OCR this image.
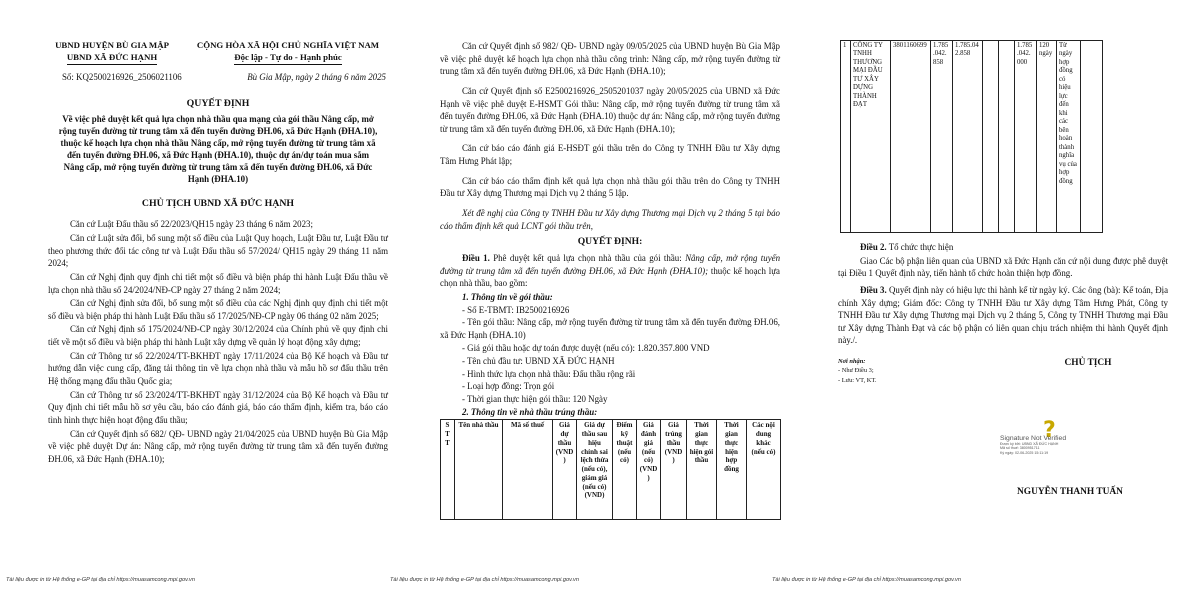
UBND HUYỆN BÙ GIA MẬP
UBND XÃ ĐỨC HẠNH
CỘNG HÒA XÃ HỘI CHỦ NGHĨA VIỆT NAM
Độc lập - Tự do - Hạnh phúc
Số: KQ2500216926_2506021106	Bù Gia Mập, ngày 2 tháng 6 năm 2025

QUYẾT ĐỊNH

Về việc phê duyệt kết quả lựa chọn nhà thầu qua mạng của gói thầu Nâng cấp, mở rộng tuyến đường từ trung tâm xã đến tuyến đường ĐH.06, xã Đức Hạnh (ĐHA.10), thuộc kế hoạch lựa chọn nhà thầu Nâng cấp, mở rộng tuyến đường từ trung tâm xã đến tuyến đường ĐH.06, xã Đức Hạnh (ĐHA.10), thuộc dự án/dự toán mua sắm Nâng cấp, mở rộng tuyến đường từ trung tâm xã đến tuyến đường ĐH.06, xã Đức Hạnh (ĐHA.10)

CHỦ TỊCH UBND XÃ ĐỨC HẠNH

Căn cứ Luật Đấu thầu số 22/2023/QH15 ngày 23 tháng 6 năm 2023;

Căn cứ Luật sửa đổi, bổ sung một số điều của Luật Quy hoạch, Luật Đầu tư, Luật Đầu tư theo phương thức đối tác công tư và Luật Đấu thầu số 57/2024/ QH15 ngày 29 tháng 11 năm 2024;

Căn cứ Nghị định quy định chi tiết một số điều và biện pháp thi hành Luật Đấu thầu về lựa chọn nhà thầu số 24/2024/NĐ-CP ngày 27 tháng 2 năm 2024;

Căn cứ Nghị định sửa đổi, bổ sung một số điều của các Nghị định quy định chi tiết một số điều và biện pháp thi hành Luật Đấu thầu số 17/2025/NĐ-CP ngày 06 tháng 02 năm 2025;

Căn cứ Nghị định số 175/2024/NĐ-CP ngày 30/12/2024 của Chính phủ về quy định chi tiết về một số điều và biện pháp thi hành Luật xây dựng về quản lý hoạt động xây dựng;

Căn cứ Thông tư số 22/2024/TT-BKHĐT ngày 17/11/2024 của Bộ Kế hoạch và Đầu tư hướng dẫn việc cung cấp, đăng tải thông tin về lựa chọn nhà thầu và mẫu hồ sơ đấu thầu trên Hệ thống mạng đấu thầu Quốc gia;

Căn cứ Thông tư số 23/2024/TT-BKHĐT ngày 31/12/2024 của Bộ Kế hoạch và Đầu tư Quy định chi tiết mẫu hồ sơ yêu cầu, báo cáo đánh giá, báo cáo thẩm định, kiểm tra, báo cáo tình hình thực hiện hoạt động đấu thầu;

Căn cứ Quyết định số 682/ QĐ- UBND ngày 21/04/2025 của UBND huyện Bù Gia Mập về việc phê duyệt Dự án: Nâng cấp, mở rộng tuyến đường từ trung tâm xã đến tuyến đường ĐH.06, xã Đức Hạnh (ĐHA.10);

Tài liệu được in từ Hệ thống e-GP tại địa chỉ https://muasamcong.mpi.gov.vn

Căn cứ Quyết định số 982/ QĐ- UBND ngày 09/05/2025 của UBND huyện Bù Gia Mập về việc phê duyệt kế hoạch lựa chọn nhà thầu công trình: Nâng cấp, mở rộng tuyến đường từ trung tâm xã đến tuyến đường ĐH.06, xã Đức Hạnh (ĐHA.10);

Căn cứ Quyết định số E2500216926_2505201037 ngày 20/05/2025 của UBND xã Đức Hạnh về việc phê duyệt E-HSMT Gói thầu: Nâng cấp, mở rộng tuyến đường từ trung tâm xã đến tuyến đường ĐH.06, xã Đức Hạnh (ĐHA.10) thuộc dự án: Nâng cấp, mở rộng tuyến đường từ trung tâm xã đến tuyến đường ĐH.06, xã Đức Hạnh (ĐHA.10);

Căn cứ báo cáo đánh giá E-HSĐT gói thầu trên do Công ty TNHH Đầu tư Xây dựng Tâm Hưng Phát lập;

Căn cứ báo cáo thẩm định kết quả lựa chọn nhà thầu gói thầu trên do Công ty TNHH Đầu tư Xây dựng Thương mại Dịch vụ 2 tháng 5 lập.

Xét đề nghị của Công ty TNHH Đầu tư Xây dựng Thương mại Dịch vụ 2 tháng 5 tại báo cáo thẩm định kết quả LCNT gói thầu trên,

QUYẾT ĐỊNH:

Điều 1. Phê duyệt kết quả lựa chọn nhà thầu của gói thầu: Nâng cấp, mở rộng tuyến đường từ trung tâm xã đến tuyến đường ĐH.06, xã Đức Hạnh (ĐHA.10); thuộc kế hoạch lựa chọn nhà thầu, bao gồm:

1. Thông tin về gói thầu:

- Số E-TBMT: IB2500216926

- Tên gói thầu: Nâng cấp, mở rộng tuyến đường từ trung tâm xã đến tuyến đường ĐH.06, xã Đức Hạnh (ĐHA.10)

- Giá gói thầu hoặc dự toán được duyệt (nếu có): 1.820.357.800 VND

- Tên chủ đầu tư: UBND XÃ ĐỨC HẠNH

- Hình thức lựa chọn nhà thầu: Đấu thầu rộng rãi

- Loại hợp đồng: Trọn gói

- Thời gian thực hiện gói thầu: 120 Ngày

2. Thông tin về nhà thầu trúng thầu:

S T T	Tên nhà thầu	Mã số thuế	Giá dự thầu (VND )	Giá dự thầu sau hiệu chỉnh sai lệch thừa (nếu có), giảm giá (nếu có) (VND)	Điểm kỹ thuật (nếu có)	Giá đánh giá (nếu có) (VND)	Giá trúng thầu (VND )	Thời gian thực hiện gói thầu	Thời gian thực hiện hợp đồng	Các nội dung khác (nếu có)
Tài liệu được in từ Hệ thống e-GP tại địa chỉ https://muasamcong.mpi.gov.vn
1	CÔNG TY TNHH THƯƠNG MẠI ĐẦU TƯ XÂY DỰNG THÀNH ĐẠT	3801160699	1.785 .042. 858	1.785.04 2.858			1.785 .042. 000	120 ngày	Từ ngày hợp đồng có hiệu lực đến khi các bên hoàn thành nghĩa vụ của hợp đồng	

Điều 2. Tổ chức thực hiện

Giao Các bộ phận liên quan của UBND xã Đức Hạnh căn cứ nội dung được phê duyệt tại Điều 1 Quyết định này, tiến hành tổ chức hoàn thiện hợp đồng.

Điều 3. Quyết định này có hiệu lực thi hành kể từ ngày ký. Các ông (bà): Kế toán, Địa chính Xây dựng; Giám đốc: Công ty TNHH Đầu tư Xây dựng Tâm Hưng Phát, Công ty TNHH Đầu tư Xây dựng Thương mại Dịch vụ 2 tháng 5, Công ty TNHH Thương mại Đầu tư Xây dựng Thành Đạt và các bộ phận có liên quan chịu trách nhiệm thi hành Quyết định này./.

Nơi nhận:
- Như Điều 3;
- Lưu: VT, KT.
CHỦ TỊCH
NGUYỄN THANH TUẤN
?
Signature Not Verified
Được ký bởi: UBND XÃ ĐỨC HẠNH
Mã số thuế: 3800951711
Ký ngày: 02-06-2025 15:11:19
Tài liệu được in từ Hệ thống e-GP tại địa chỉ https://muasamcong.mpi.gov.vn
